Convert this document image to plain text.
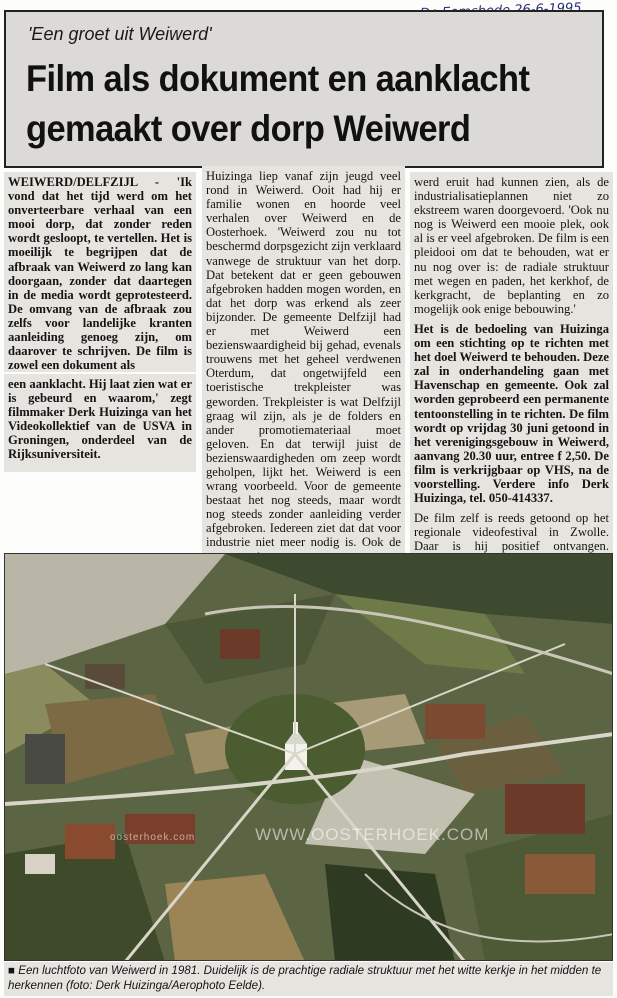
'Een groet uit Weiwerd'
Film als dokument en aanklacht gemaakt over dorp Weiwerd
WEIWERD/DELFZIJL - 'Ik vond dat het tijd werd om het onverteerbare verhaal van een mooi dorp, dat zonder reden wordt gesloopt, te vertellen. Het is moeilijk te begrijpen dat de afbraak van Weiwerd zo lang kan doorgaan, zonder dat daartegen in de media wordt geprotesteerd. De omvang van de afbraak zou zelfs voor landelijke kranten aanleiding genoeg zijn, om daarover te schrijven. De film is zowel een dokument als
een aanklacht. Hij laat zien wat er is gebeurd en waarom,' zegt filmmaker Derk Huizinga van het Videokollektief van de USVA in Groningen, onderdeel van de Rijksuniversiteit.

Huizinga liep vanaf zijn jeugd veel rond in Weiwerd. Ooit had hij er familie wonen en hoorde veel verhalen over Weiwerd en de Oosterhoek. 'Weiwerd zou nu tot beschermd dorpsgezicht zijn verklaard vanwege de struktuur van het dorp. Dat betekent dat er geen gebouwen afgebroken hadden mogen worden, en dat het dorp was erkend als zeer bijzonder. De gemeente Delfzijl had er met Weiwerd een bezienswaardigheid bij gehad, evenals trouwens met het geheel verdwenen Oterdum, dat ongetwijfeld een toeristische trekpleister was geworden. Trekpleister is wat Delfzijl graag wil zijn, als je de folders en ander promotiemateriaal moet geloven. En dat terwijl juist de bezienswaardigheden om zeep wordt geholpen, lijkt het. Weiwerd is een wrang voorbeeld. Voor de gemeente bestaat het nog steeds, maar wordt nog steeds zonder aanleiding verder afgebroken. Iedereen ziet dat dat voor industrie niet meer nodig is. Ook de

werd eruit had kunnen zien, als de industrialisatieplannen niet zo ekstreem waren doorgevoerd. 'Ook nu nog is Weiwerd een mooie plek, ook al is er veel afgebroken. De film is een pleidooi om dat te behouden, wat er nu nog over is: de radiale struktuur met wegen en paden, het kerkhof, de kerkgracht, de beplanting en zo mogelijk ook enige bebouwing.'

Het is de bedoeling van Huizinga om een stichting op te richten met het doel Weiwerd te behouden. Deze zal in onderhandeling gaan met Havenschap en gemeente. Ook zal worden geprobeerd een permanente tentoonstelling in te richten. De film wordt op vrijdag 30 juni getoond in het verenigingsgebouw in Weiwerd, aanvang 20.30 uur, entree f 2,50. De film is verkrijgbaar op VHS, na de voorstelling. Verdere info Derk Huizinga, tel. 050-414337.

De film zelf is reeds getoond op het regionale videofestival in Zwolle. Daar is hij positief ontvangen.

oosterhoek.com	WWW.OOSTERHOEK.COM
■ Een luchtfoto van Weiwerd in 1981. Duidelijk is de prachtige radiale struktuur met het witte kerkje in het midden te herkennen (foto: Derk Huizinga/Aerophoto Eelde).
